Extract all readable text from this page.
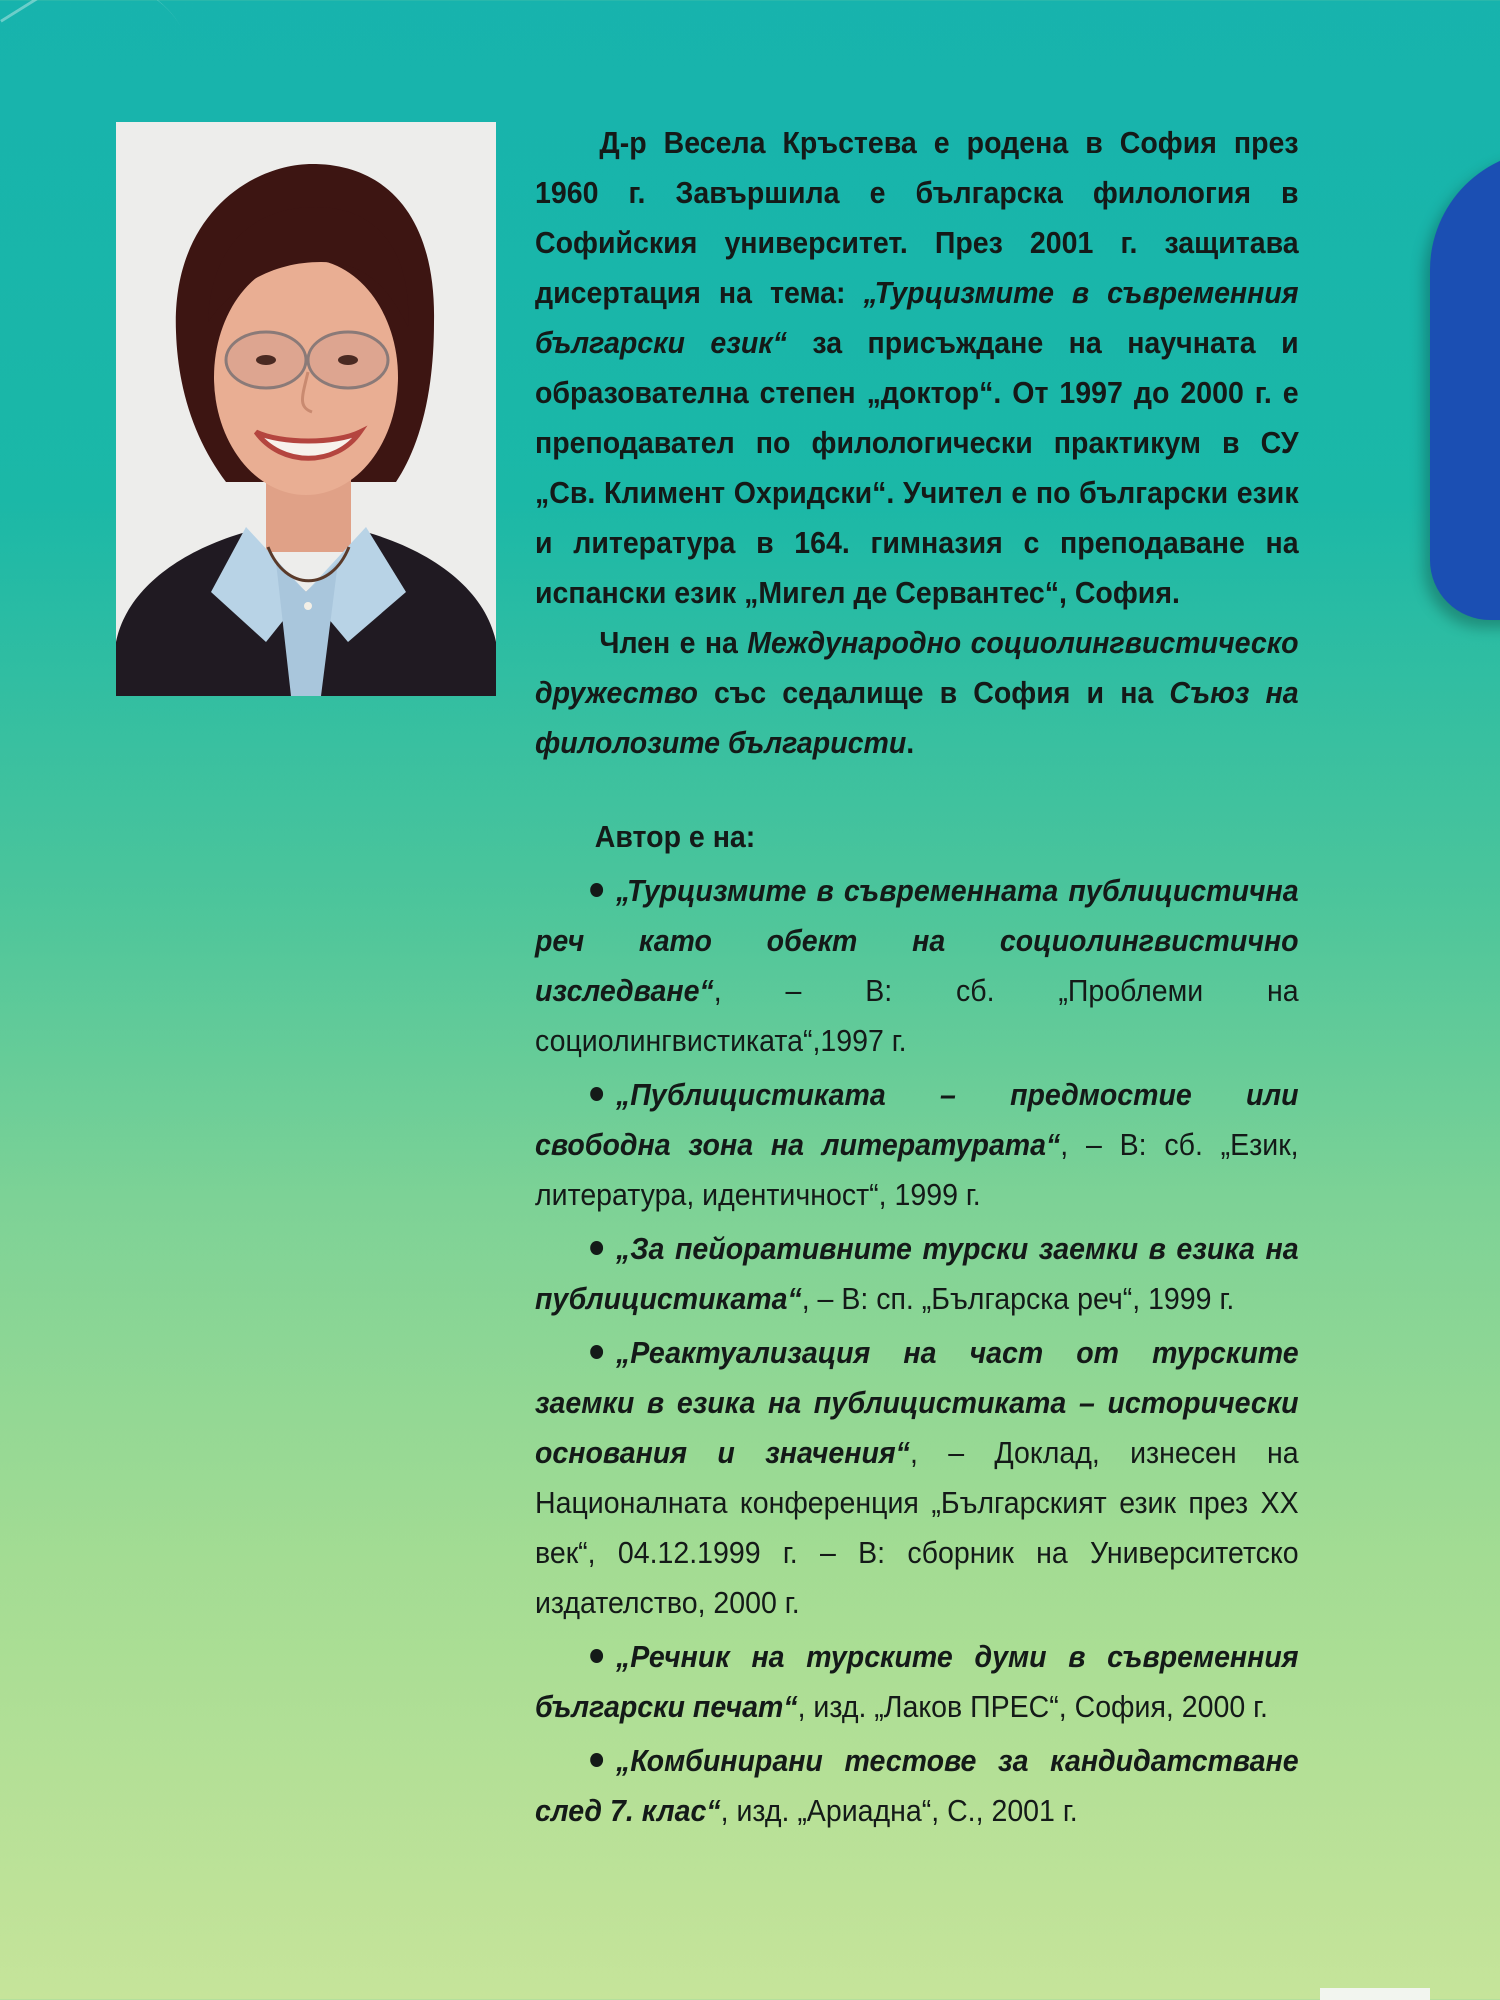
Д-р Весела Кръстева е родена в София през 1960 г. Завършила е българска филология в Софийския университет. През 2001 г. защитава дисертация на тема: „Турцизмите в съвременния български език“ за присъждане на научната и образователна степен „доктор“. От 1997 до 2000 г. е преподавател по филологически практикум в СУ „Св. Климент Охридски“. Учител е по български език и литература в 164. гимназия с преподаване на испански език „Мигел де Сервантес“, София.

Член е на Международно социолингвистическо дружество със седалище в София и на Съюз на филолозите българисти.

Автор е на:
„Турцизмите в съвременната публицистична реч като обект на социолингвистично изследване“, – В: сб. „Проблеми на социолингвистиката“,1997 г.
„Публицистиката – предмостие или свободна зона на литературата“, – В: сб. „Език, литература, идентичност“, 1999 г.
„За пейоративните турски заемки в езика на публицистиката“, – В: сп. „Българска реч“, 1999 г.
„Реактуализация на част от турските заемки в езика на публицистиката – исторически основания и значения“, – Доклад, изнесен на Националната конференция „Българският език през XX век“, 04.12.1999 г. – В: сборник на Университетско издателство, 2000 г.
„Речник на турските думи в съвременния български печат“, изд. „Лаков ПРЕС“, София, 2000 г.
„Комбинирани тестове за кандидатстване след 7. клас“, изд. „Ариадна“, С., 2001 г.
